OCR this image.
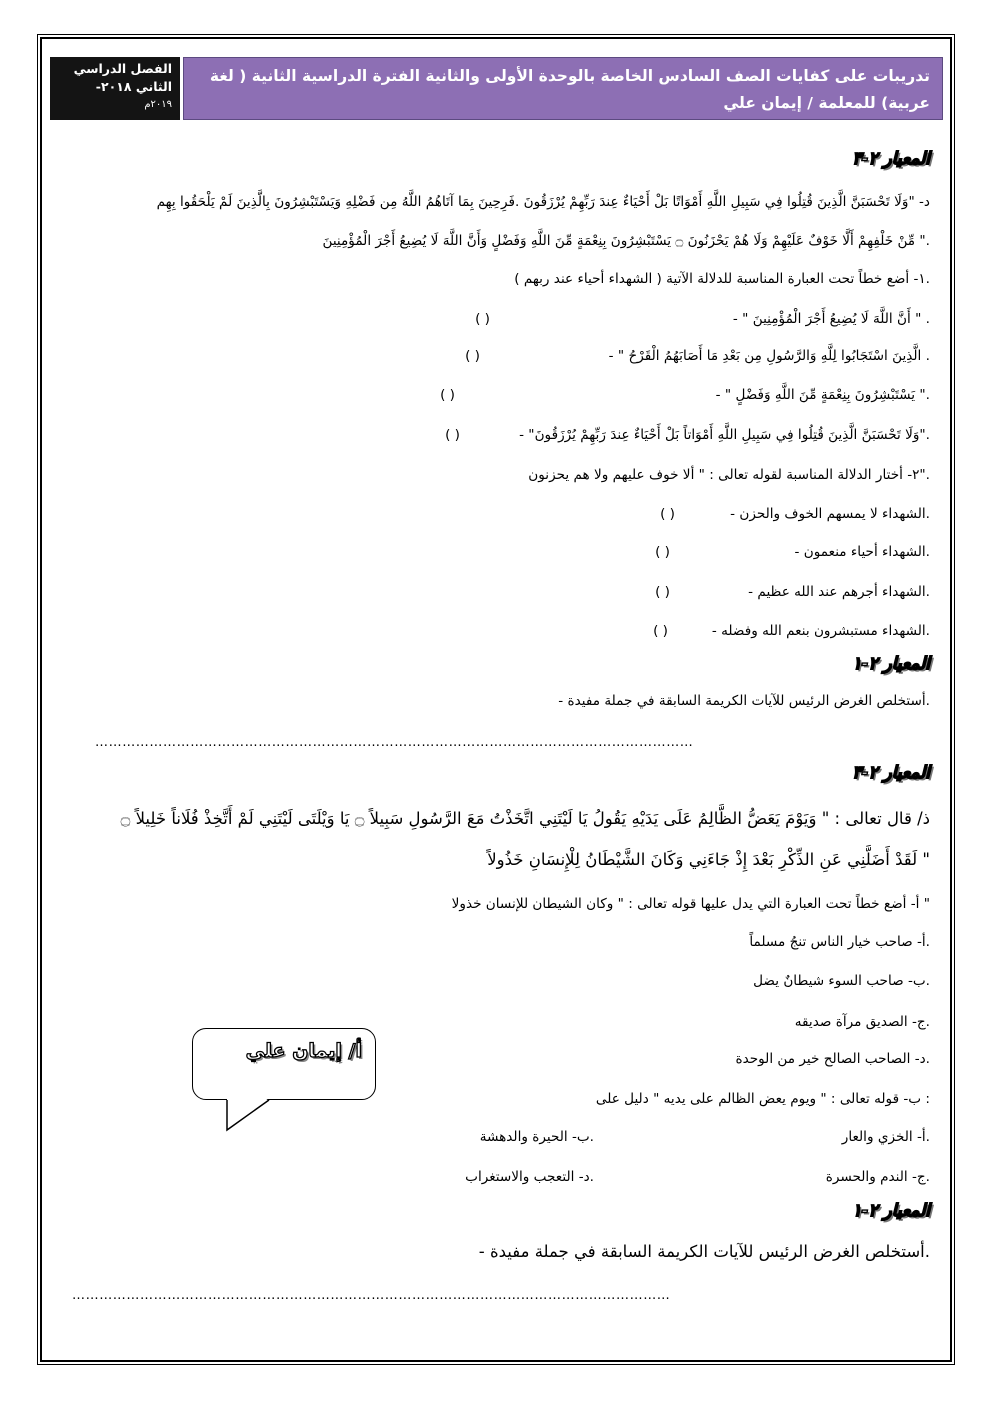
تدريبات على كفايات الصف السادس الخاصة بالوحدة الأولى والثانية الفترة الدراسية الثانية ( لغة عربية) للمعلمة / إيمان علي
الفصل الدراسي الثاني ٢٠١٨-
٢٠١٩م
المعيار ٢-٣
د- "وَلَا تَحْسَبَنَّ الَّذِينَ قُتِلُوا فِي سَبِيلِ اللَّهِ أَمْوَاتًا بَلْ أَحْيَاءٌ عِندَ رَبِّهِمْ يُرْزَقُونَ .فَرِحِينَ بِمَا آتَاهُمُ اللَّهُ مِن فَضْلِهِ وَيَسْتَبْشِرُونَ بِالَّذِينَ لَمْ يَلْحَقُوا بِهِم
مِّنْ خَلْفِهِمْ أَلَّا خَوْفٌ عَلَيْهِمْ وَلَا هُمْ يَحْزَنُونَ ۝ يَسْتَبْشِرُونَ بِنِعْمَةٍ مِّنَ اللَّهِ وَفَضْلٍ وَأَنَّ اللَّهَ لَا يُضِيعُ أَجْرَ الْمُؤْمِنِينَ ".
١- أضع خطاً تحت العبارة المناسبة للدلالة الآتية ( الشهداء أحياء عند ربهم ).
- " أَنَّ اللَّهَ لَا يُضِيعُ أَجْرَ الْمُؤْمِنِينَ " .
( )
- " الَّذِينَ اسْتَجَابُوا لِلَّهِ وَالرَّسُولِ مِن بَعْدِ مَا أَصَابَهُمُ الْقَرْحُ .
( )
- " يَسْتَبْشِرُونَ بِنِعْمَةٍ مِّنَ اللَّهِ وَفَضْلٍ ".
( )
- "وَلَا تَحْسَبَنَّ الَّذِينَ قُتِلُوا فِي سَبِيلِ اللَّهِ أَمْوَاتاً بَلْ أَحْيَاءٌ عِندَ رَبِّهِمْ يُرْزَقُونَ".
( )
٢- أختار الدلالة المناسبة لقوله تعالى : " ألا خوف عليهم ولا هم يحزنون".
- الشهداء لا يمسهم الخوف والحزن.
( )
- الشهداء أحياء منعمون.
( )
- الشهداء أجرهم عند الله عظيم.
( )
- الشهداء مستبشرون بنعم الله وفضله.
( )
المعيار ٢-١
- أستخلص الغرض الرئيس للآيات الكريمة السابقة في جملة مفيدة.
……………………………………………………………………………………………………………………
المعيار ٢-٣
ذ/ قال تعالى : " وَيَوْمَ يَعَضُّ الظَّالِمُ عَلَى يَدَيْهِ يَقُولُ يَا لَيْتَنِي اتَّخَذْتُ مَعَ الرَّسُولِ سَبِيلاً ۝ يَا وَيْلَتَى لَيْتَنِي لَمْ أَتَّخِذْ فُلَاناً خَلِيلاً ۝
لَقَدْ أَضَلَّنِي عَنِ الذِّكْرِ بَعْدَ إِذْ جَاءَنِي وَكَانَ الشَّيْطَانُ لِلْإِنسَانِ خَذُولاً "
أ- أضع خطاً تحت العبارة التي يدل عليها قوله تعالى : " وكان الشيطان للإنسان خذولا "
أ- صاحب خيار الناس تنجُ مسلماً.
ب- صاحب السوء شيطانٌ يضل.
ج- الصديق مرآة صديقه.
د- الصاحب الصالح خير من الوحدة.
ب- قوله تعالى : " ويوم يعض الظالم على يديه " دليل على :
أ- الخزي والعار.
ب- الحيرة والدهشة.
ج- الندم والحسرة.
د- التعجب والاستغراب.
المعيار ٢-١
- أستخلص الغرض الرئيس للآيات الكريمة السابقة في جملة مفيدة.
……………………………………………………………………………………………………………………
أ/ إيمان علي
